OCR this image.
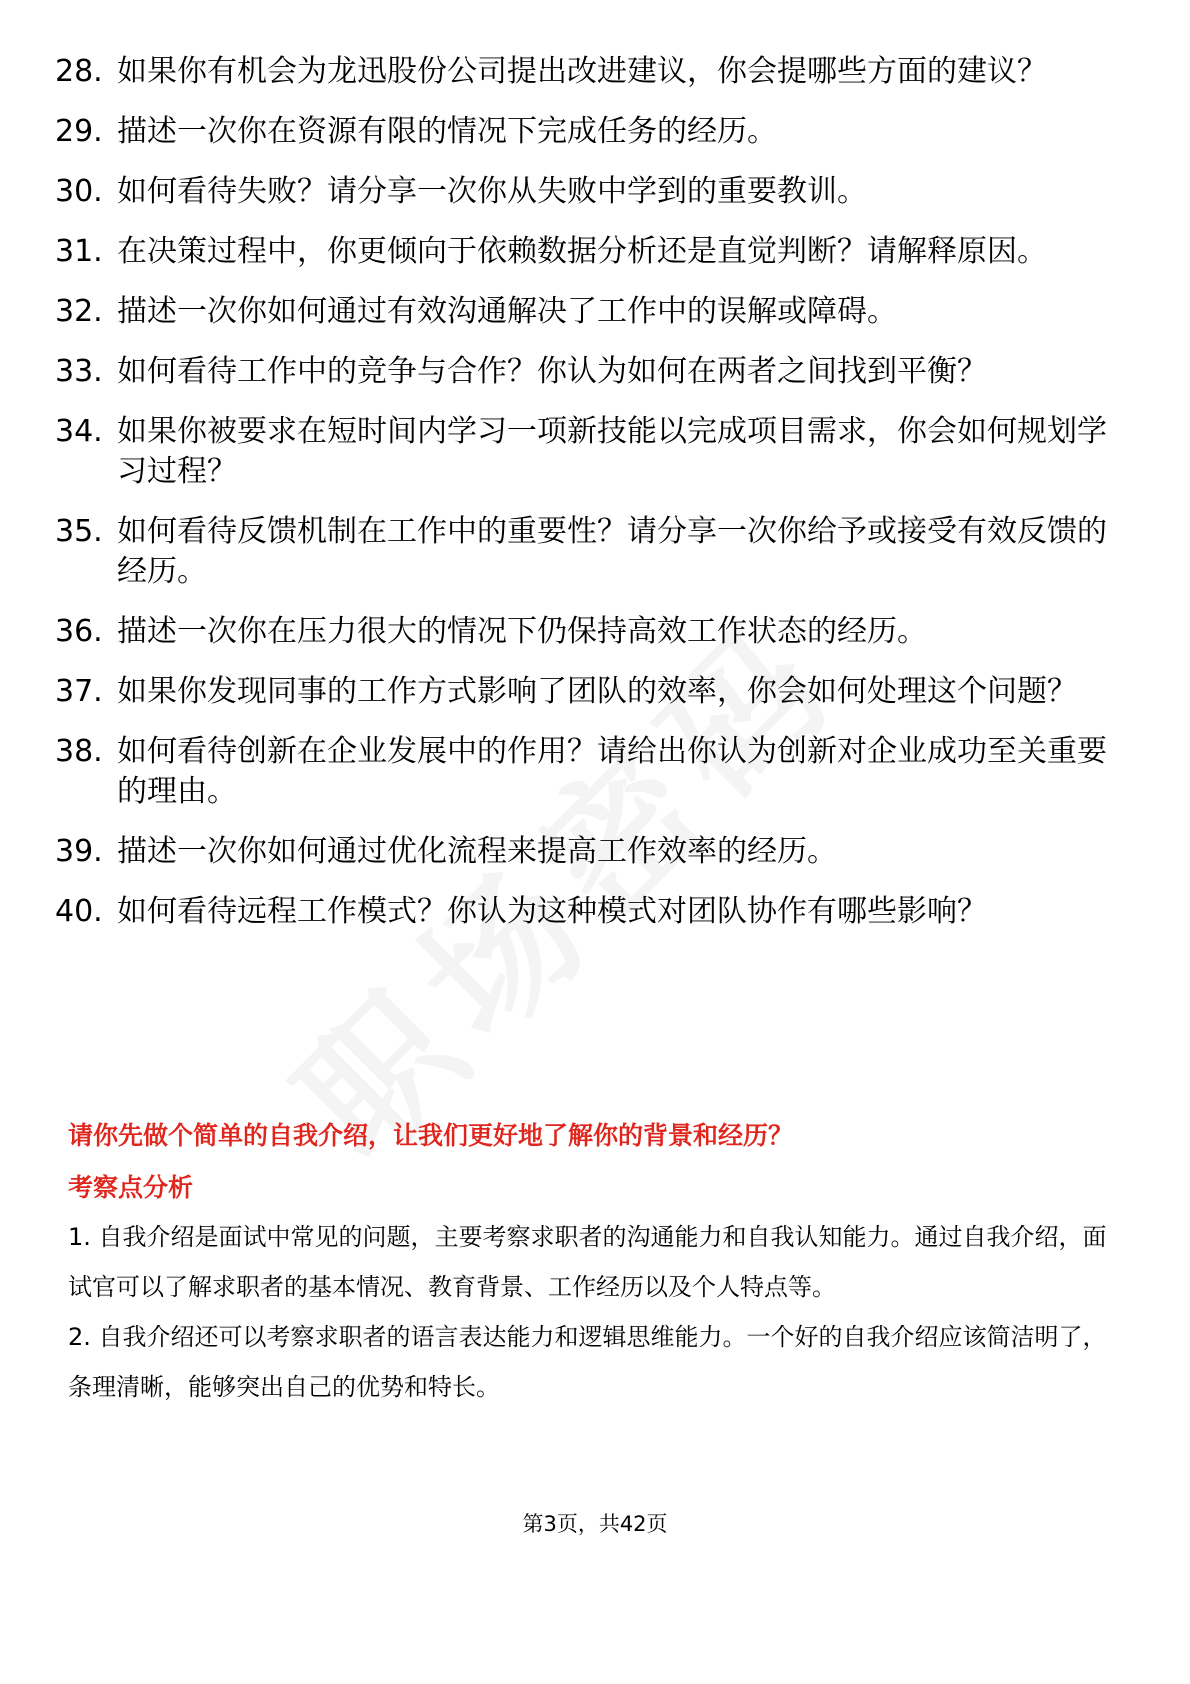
28. 如果你有机会为龙迅股份公司提出改进建议，你会提哪些方面的建议？
29. 描述一次你在资源有限的情况下完成任务的经历。
30. 如何看待失败？请分享一次你从失败中学到的重要教训。
31. 在决策过程中，你更倾向于依赖数据分析还是直觉判断？请解释原因。
32. 描述一次你如何通过有效沟通解决了工作中的误解或障碍。
33. 如何看待工作中的竞争与合作？你认为如何在两者之间找到平衡？
34. 如果你被要求在短时间内学习一项新技能以完成项目需求，你会如何规划学习过程？
35. 如何看待反馈机制在工作中的重要性？请分享一次你给予或接受有效反馈的经历。
36. 描述一次你在压力很大的情况下仍保持高效工作状态的经历。
37. 如果你发现同事的工作方式影响了团队的效率，你会如何处理这个问题？
38. 如何看待创新在企业发展中的作用？请给出你认为创新对企业成功至关重要的理由。
39. 描述一次你如何通过优化流程来提高工作效率的经历。
40. 如何看待远程工作模式？你认为这种模式对团队协作有哪些影响？

请你先做个简单的自我介绍，让我们更好地了解你的背景和经历？

考察点分析

1. 自我介绍是面试中常见的问题，主要考察求职者的沟通能力和自我认知能力。通过自我介绍，面试官可以了解求职者的基本情况、教育背景、工作经历以及个人特点等。

2. 自我介绍还可以考察求职者的语言表达能力和逻辑思维能力。一个好的自我介绍应该简洁明了，条理清晰，能够突出自己的优势和特长。

第3页，共42页
